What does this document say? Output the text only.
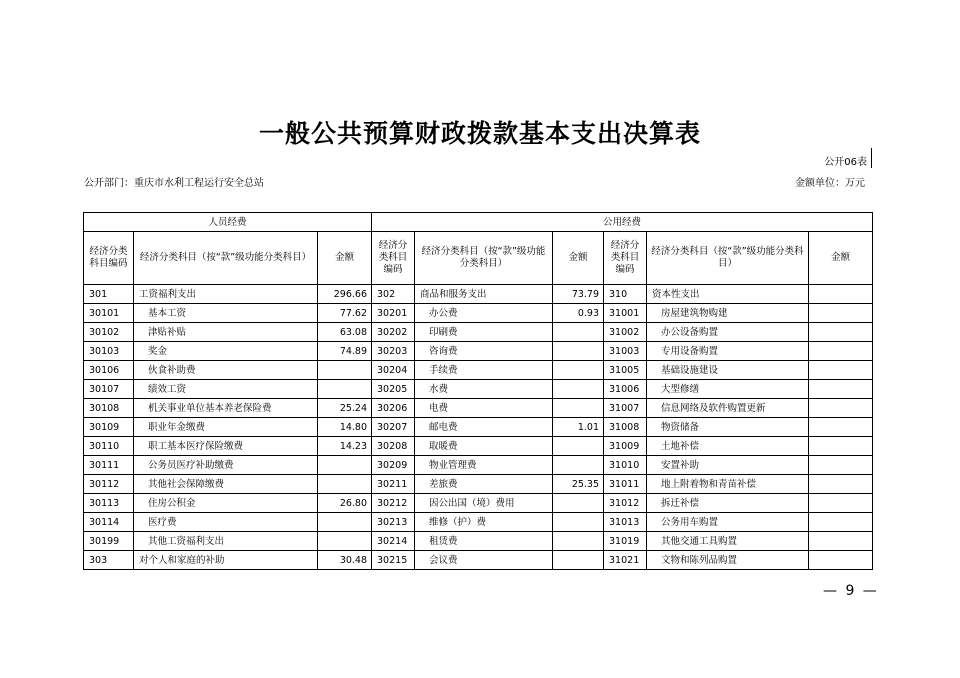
一般公共预算财政拨款基本支出决算表
公开06表
公开部门：重庆市水利工程运行安全总站	金额单位：万元
人员经费			公用经费					
经济分类科目编码	经济分类科目（按“款”级功能分类科目）	金额	经济分类科目编码	经济分类科目（按“款”级功能分类科目）	金额	经济分类科目编码	经济分类科目（按“款”级功能分类科目）	金额
301	工资福利支出	296.66	302	商品和服务支出	73.79	310	资本性支出	
30101	基本工资	77.62	30201	办公费	0.93	31001	房屋建筑物购建	
30102	津贴补贴	63.08	30202	印刷费		31002	办公设备购置	
30103	奖金	74.89	30203	咨询费		31003	专用设备购置	
30106	伙食补助费		30204	手续费		31005	基础设施建设	
30107	绩效工资		30205	水费		31006	大型修缮	
30108	机关事业单位基本养老保险费	25.24	30206	电费		31007	信息网络及软件购置更新	
30109	职业年金缴费	14.80	30207	邮电费	1.01	31008	物资储备	
30110	职工基本医疗保险缴费	14.23	30208	取暖费		31009	土地补偿	
30111	公务员医疗补助缴费		30209	物业管理费		31010	安置补助	
30112	其他社会保障缴费		30211	差旅费	25.35	31011	地上附着物和青苗补偿	
30113	住房公积金	26.80	30212	因公出国（境）费用		31012	拆迁补偿	
30114	医疗费		30213	维修（护）费		31013	公务用车购置	
30199	其他工资福利支出		30214	租赁费		31019	其他交通工具购置	
303	对个人和家庭的补助	30.48	30215	会议费		31021	文物和陈列品购置	
— 9 —
